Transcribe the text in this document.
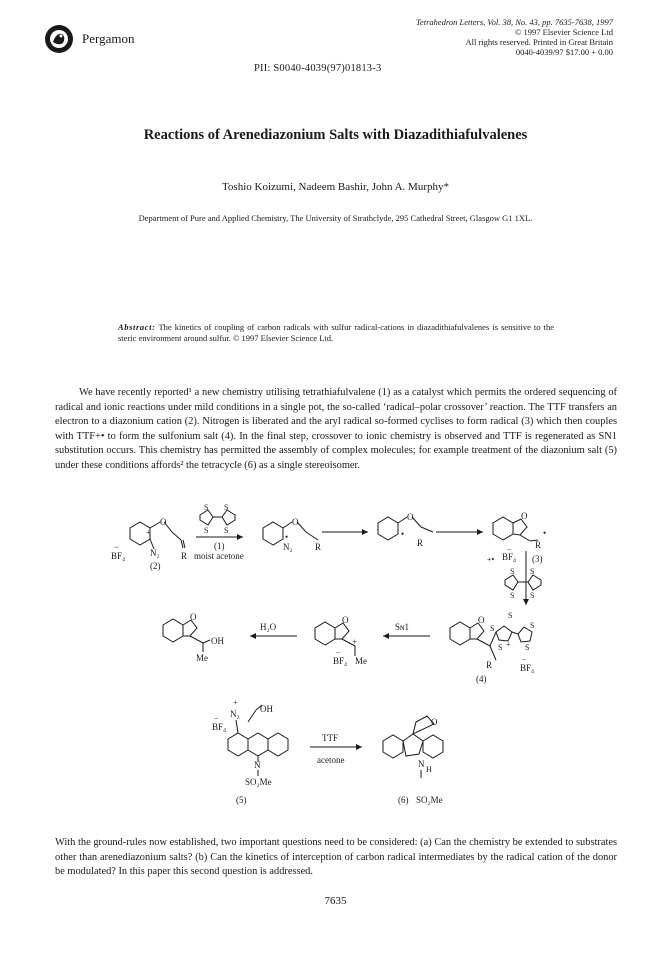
Pergamon
Tetrahedron Letters, Vol. 38, No. 43, pp. 7635-7638, 1997
© 1997 Elsevier Science Ltd
All rights reserved. Printed in Great Britain
0040-4039/97 $17.00 + 0.00
PII: S0040-4039(97)01813-3
Reactions of Arenediazonium Salts with Diazadithiafulvalenes
Toshio Koizumi, Nadeem Bashir, John A. Murphy*
Department of Pure and Applied Chemistry, The University of Strathclyde, 295 Cathedral Street, Glasgow G1 1XL.
Abstract: The kinetics of coupling of carbon radicals with sulfur radical-cations in diazadithiafulvalenes is sensitive to the steric environment around sulfur. © 1997 Elsevier Science Ltd.
We have recently reported¹ a new chemistry utilising tetrathiafulvalene (1) as a catalyst which permits the ordered sequencing of radical and ionic reactions under mild conditions in a single pot, the so-called ‘radical–polar crossover’ reaction. The TTF transfers an electron to a diazonium cation (2). Nitrogen is liberated and the aryl radical so-formed cyclises to form radical (3) which then couples with TTF+• to form the sulfonium salt (4). In the final step, crossover to ionic chemistry is observed and TTF is regenerated as SN1 substitution occurs. This chemistry has permitted the assembly of complex molecules; for example treatment of the diazonium salt (5) under these conditions affords² the tetracycle (6) as a single stereoisomer.
O
+
N₂ R
−
BF₄
(2)
S S
S S
(1)
moist acetone
O
•
N₂ R
O
•
R
O
R
•
+• BF₄
−
(3)
S S
S S
O
OH
Me
H₂O
O
+
−
BF₄ Me
Sɴ1
O
S
S
S
S
S
+
R
−
BF₄
(4)
+
N₂ OH
−
BF₄
N
SO₂Me
(5)
TTF
acetone
O
N
H
(6) SO₂Me
With the ground-rules now established, two important questions need to be considered: (a) Can the chemistry be extended to substrates other than arenediazonium salts? (b) Can the kinetics of interception of carbon radical intermediates by the radical cation of the donor be modulated? In this paper this second question is addressed.
7635
